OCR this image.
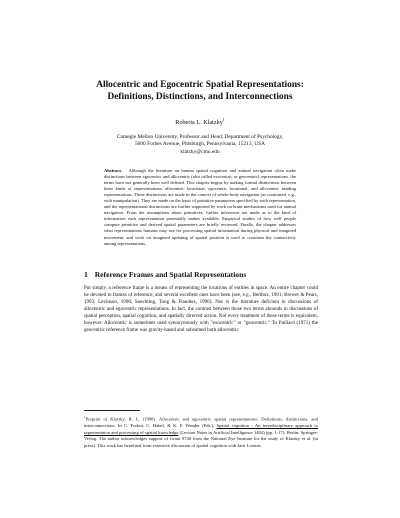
Allocentric and Egocentric Spatial Representations:
Definitions, Distinctions, and Interconnections
Roberta L. Klatzky$^1$
Carnegie Mellon University, Professor and Head, Department of Psychology,
5000 Forbes Avenue, Pittsburgh, Pennsylvania, 15213, USA
klatzky@cmu.edu
Abstract. Although the literature on human spatial cognition and animal navigation often make distinctions between egocentric and allocentric (also called exocentric or geocentric) representations, the terms have not generally been well defined. This chapter begins by making formal distinctions between three kinds of representations: allocentric locational, egocentric locational, and allocentric heading representations. These distinctions are made in the context of whole-body navigation (as contrasted, e.g., with manipulation). They are made on the basis of primitive parameters specified by each representation, and the representational distinctions are further supported by work on brain mechanisms used for animal navigation. From the assumptions about primitives, further inferences are made as to the kind of information each representation potentially makes available. Empirical studies of how well people compute primitive and derived spatial parameters are briefly reviewed. Finally, the chapter addresses what representations humans may use for processing spatial information during physical and imagined movement, and work on imagined updating of spatial position is used to constrain the connectivity among representations.
1 Reference Frames and Spatial Representations
Put simply, a reference frame is a means of representing the locations of entities in space. An entire chapter could be devoted to frames of reference, and several excellent ones have been (see, e.g., Berthoz, 1991; Brewer & Pears, 1993; Levinson, 1996; Soechting, Tong & Flanders, 1996). Nor is the literature deficient in discussions of allocentric and egocentric representations. In fact, the contrast between those two terms abounds in discussions of spatial perception, spatial cognition, and spatially directed action. Not every treatment of these terms is equivalent, however. Allocentric is sometimes used synonymously with "exocentric" or "geocentric." To Paillard (1971) the geocentric reference frame was gravity-based and subsumed both allocentric
$^1$Preprint of Klatzky, R. L. (1998). Allocentric and egocentric spatial representations: Definitions, distinctions, and interconnections. In C. Freksa, C. Habel, & K. F. Wender (Eds.), Spatial cognition - An interdisciplinary approach to representation and processing of spatial knowledge (Lecture Notes in Artificial Intelligence 1404) (pp. 1-17). Berlin: Springer-Verlag. The author acknowledges support of Grant 9740 from the National Eye Institute for the study of Klatzky et al. (in press). This work has benefited from extensive discussion of spatial cognition with Jack Loomis.
